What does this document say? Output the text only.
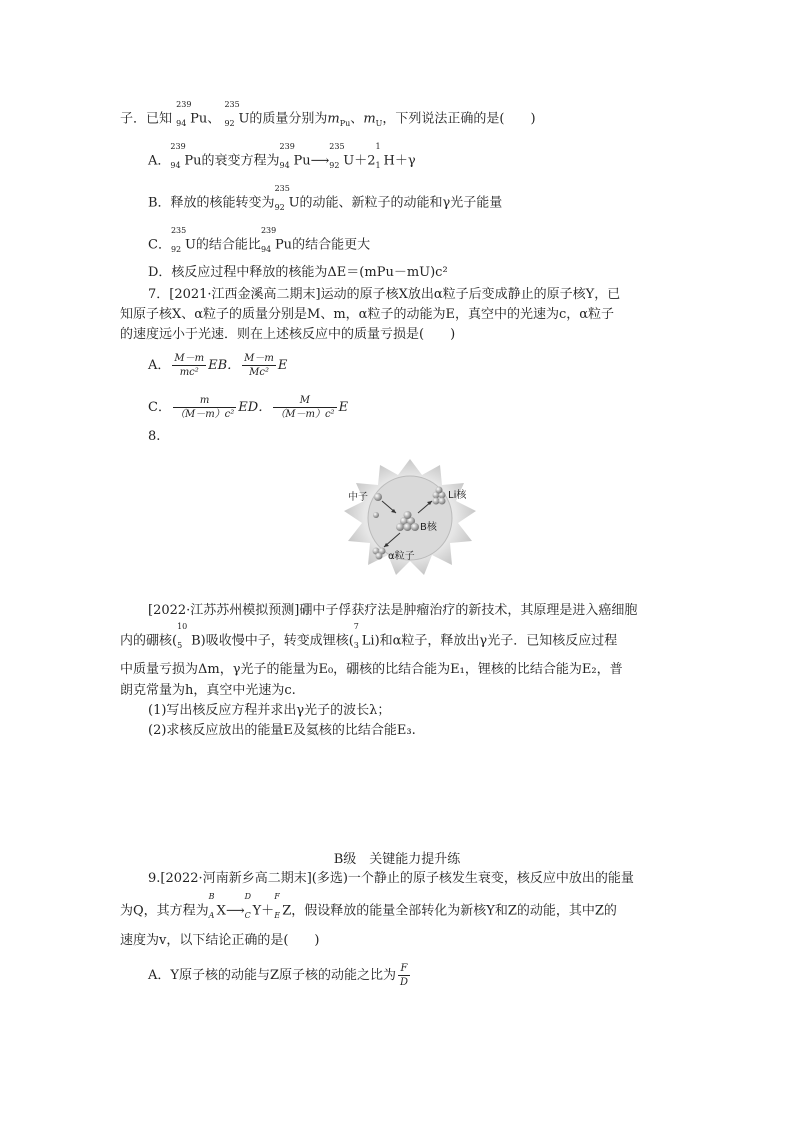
子．已知
239
94 Pu、
235
92 U的质量分别为$m_{Pu}$、$m_U$，下列说法正确的是(　　)
A．
239
94 Pu的衰变方程为
239
94 Pu⟶
235
92 U＋2
1
1 H＋γ
B．释放的核能转变为
235
92 U的动能、新粒子的动能和γ光子能量
C．
235
92 U的结合能比
239
94 Pu的结合能更大
D．核反应过程中释放的核能为ΔE＝(mPu－mU)c²
7．[2021·江西金溪高二期末]运动的原子核X放出α粒子后变成静止的原子核Y，已
知原子核X、α粒子的质量分别是M、m，α粒子的动能为E，真空中的光速为c，α粒子
的速度远小于光速．则在上述核反应中的质量亏损是(　　)
A． $\frac{M-m}{\text{mc²}}$ EB． $\frac{M-m}{\text{Mc²}}$ E
C． $\frac{m}{\text{（M－m）c²}}$ ED． $\frac{M}{\text{（M－m）c²}}$ E
8.
中子	Li核
B核
α粒子
[2022·江苏苏州模拟预测]硼中子俘获疗法是肿瘤治疗的新技术，其原理是进入癌细胞
内的硼核(
10
5 B)吸收慢中子，转变成锂核(
7
3 Li)和α粒子，释放出γ光子．已知核反应过程
中质量亏损为Δm，γ光子的能量为E₀，硼核的比结合能为E₁，锂核的比结合能为E₂，普
朗克常量为h，真空中光速为c.
(1)写出核反应方程并求出γ光子的波长λ；
(2)求核反应放出的能量E及氦核的比结合能E₃.
B级　关键能力提升练
9.[2022·河南新乡高二期末](多选)一个静止的原子核发生衰变，核反应中放出的能量
为Q，其方程为
B
A X⟶
D
C Y＋
F
E Z，假设释放的能量全部转化为新核Y和Z的动能，其中Z的
速度为v，以下结论正确的是(　　)
A．Y原子核的动能与Z原子核的动能之比为 $\frac{F}{D}$
